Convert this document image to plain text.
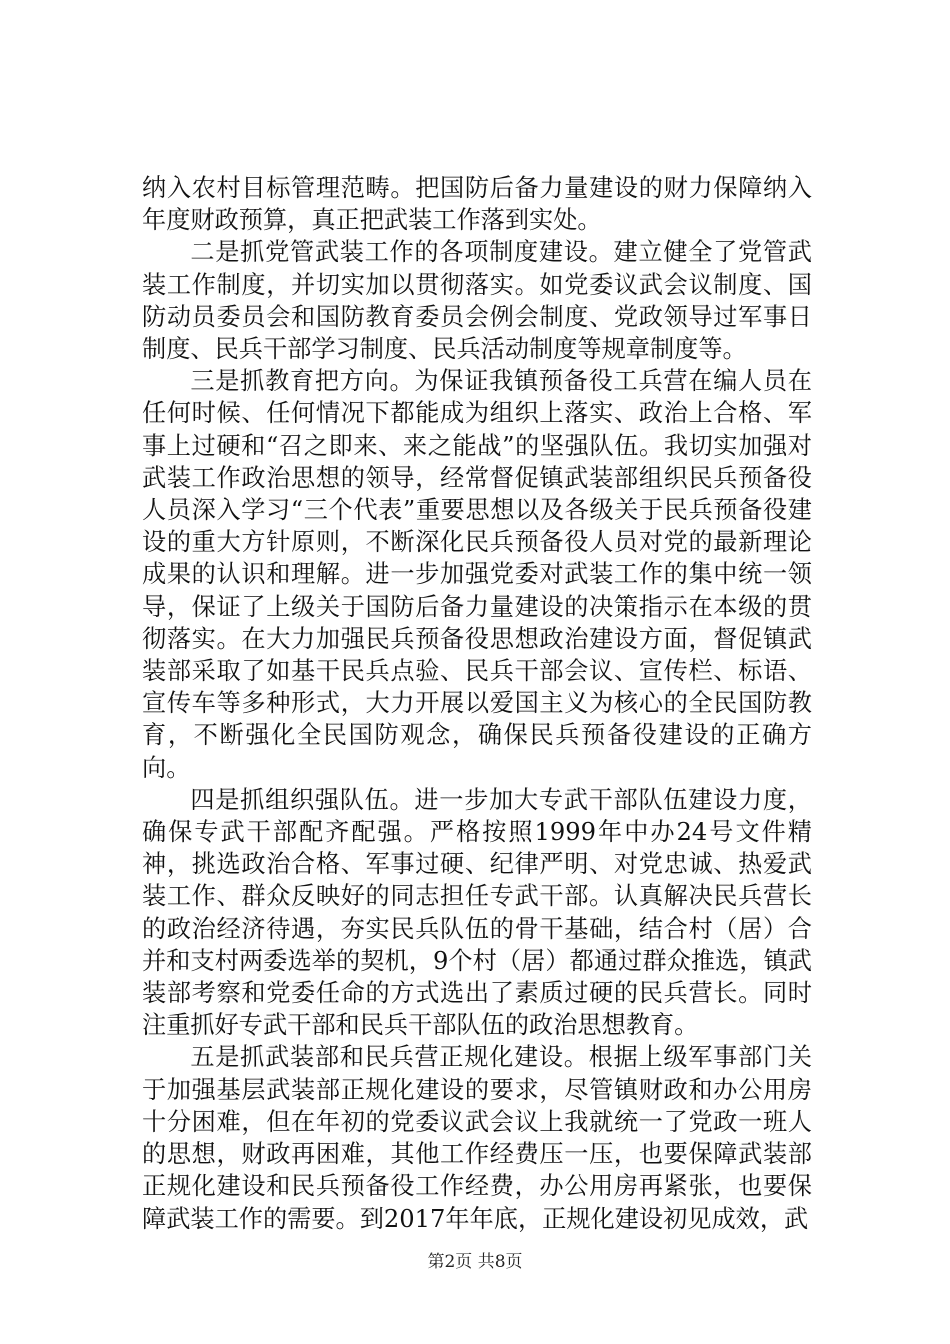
纳入农村目标管理范畴。把国防后备力量建设的财力保障纳入年度财政预算，真正把武装工作落到实处。

二是抓党管武装工作的各项制度建设。建立健全了党管武装工作制度，并切实加以贯彻落实。如党委议武会议制度、国防动员委员会和国防教育委员会例会制度、党政领导过军事日制度、民兵干部学习制度、民兵活动制度等规章制度等。

三是抓教育把方向。为保证我镇预备役工兵营在编人员在任何时候、任何情况下都能成为组织上落实、政治上合格、军事上过硬和“召之即来、来之能战”的坚强队伍。我切实加强对武装工作政治思想的领导，经常督促镇武装部组织民兵预备役人员深入学习“三个代表”重要思想以及各级关于民兵预备役建设的重大方针原则，不断深化民兵预备役人员对党的最新理论成果的认识和理解。进一步加强党委对武装工作的集中统一领导，保证了上级关于国防后备力量建设的决策指示在本级的贯彻落实。在大力加强民兵预备役思想政治建设方面，督促镇武装部采取了如基干民兵点验、民兵干部会议、宣传栏、标语、宣传车等多种形式，大力开展以爱国主义为核心的全民国防教育，不断强化全民国防观念，确保民兵预备役建设的正确方向。

四是抓组织强队伍。进一步加大专武干部队伍建设力度，确保专武干部配齐配强。严格按照1999年中办24号文件精神，挑选政治合格、军事过硬、纪律严明、对党忠诚、热爱武装工作、群众反映好的同志担任专武干部。认真解决民兵营长的政治经济待遇，夯实民兵队伍的骨干基础，结合村（居）合并和支村两委选举的契机，9个村（居）都通过群众推选，镇武装部考察和党委任命的方式选出了素质过硬的民兵营长。同时注重抓好专武干部和民兵干部队伍的政治思想教育。

五是抓武装部和民兵营正规化建设。根据上级军事部门关于加强基层武装部正规化建设的要求，尽管镇财政和办公用房十分困难，但在年初的党委议武会议上我就统一了党政一班人的思想，财政再困难，其他工作经费压一压，也要保障武装部正规化建设和民兵预备役工作经费，办公用房再紧张，也要保障武装工作的需要。到2017年年底，正规化建设初见成效，武

第2页 共8页
